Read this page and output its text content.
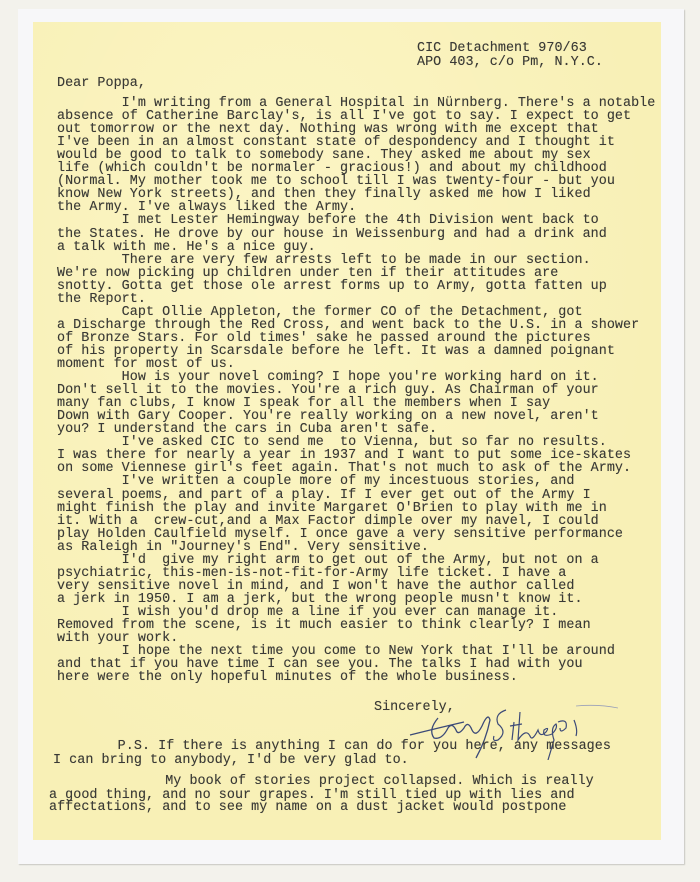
CIC Detachment 970/63
APO 403, c/o Pm, N.Y.C.
Dear Poppa,
I'm writing from a General Hospital in Nürnberg. There's a notable
absence of Catherine Barclay's, is all I've got to say. I expect to get
out tomorrow or the next day. Nothing was wrong with me except that
I've been in an almost constant state of despondency and I thought it
would be good to talk to somebody sane. They asked me about my sex
life (which couldn't be normaler - gracious!) and about my childhood
(Normal. My mother took me to school till I was twenty-four - but you
know New York streets), and then they finally asked me how I liked
the Army. I've always liked the Army.
I met Lester Hemingway before the 4th Division went back to
the States. He drove by our house in Weissenburg and had a drink and
a talk with me. He's a nice guy.
There are very few arrests left to be made in our section.
We're now picking up children under ten if their attitudes are
snotty. Gotta get those ole arrest forms up to Army, gotta fatten up
the Report.
Capt Ollie Appleton, the former CO of the Detachment, got
a Discharge through the Red Cross, and went back to the U.S. in a shower
of Bronze Stars. For old times' sake he passed around the pictures
of his property in Scarsdale before he left. It was a damned poignant
moment for most of us.
How is your novel coming? I hope you're working hard on it.
Don't sell it to the movies. You're a rich guy. As Chairman of your
many fan clubs, I know I speak for all the members when I say
Down with Gary Cooper. You're really working on a new novel, aren't
you? I understand the cars in Cuba aren't safe.
I've asked CIC to send me  to Vienna, but so far no results.
I was there for nearly a year in 1937 and I want to put some ice-skates
on some Viennese girl's feet again. That's not much to ask of the Army.
I've written a couple more of my incestuous stories, and
several poems, and part of a play. If I ever get out of the Army I
might finish the play and invite Margaret O'Brien to play with me in
it. With a  crew-cut,and a Max Factor dimple over my navel, I could
play Holden Caulfield myself. I once gave a very sensitive performance
as Raleigh in "Journey's End". Very sensitive.
I'd  give my right arm to get out of the Army, but not on a
psychiatric, this-men-is-not-fit-for-Army life ticket. I have a
very sensitive novel in mind, and I won't have the author called
a jerk in 1950. I am a jerk, but the wrong people musn't know it.
I wish you'd drop me a line if you ever can manage it.
Removed from the scene, is it much easier to think clearly? I mean
with your work.
I hope the next time you come to New York that I'll be around
and that if you have time I can see you. The talks I had with you
here were the only hopeful minutes of the whole business.
Sincerely,
P.S. If there is anything I can do for you here, any messages
I can bring to anybody, I'd be very glad to.
My book of stories project collapsed. Which is really
a good thing, and no sour grapes. I'm still tied up with lies and
affectations, and to see my name on a dust jacket would postpone
